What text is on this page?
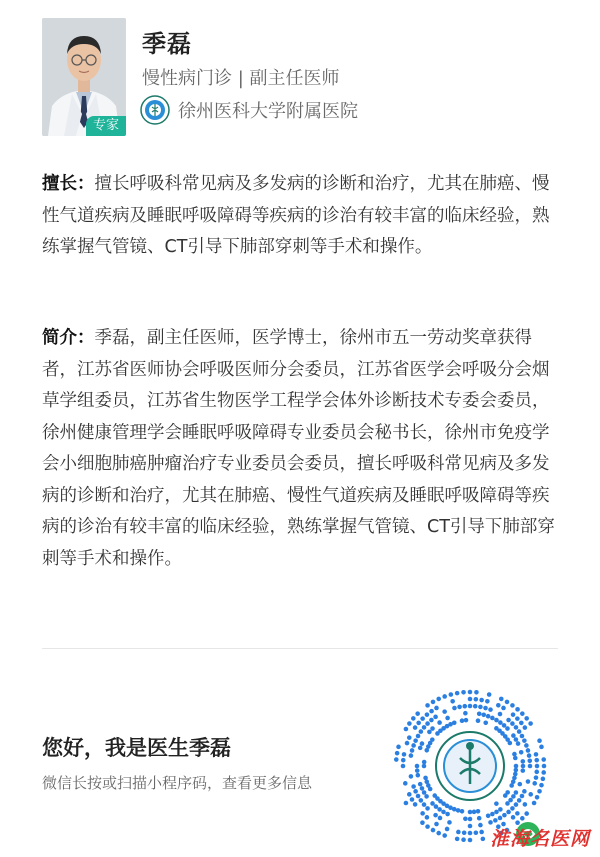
专家
季磊
慢性病门诊 | 副主任医师
徐州医科大学附属医院
擅长：擅长呼吸科常见病及多发病的诊断和治疗，尤其在肺癌、慢性气道疾病及睡眠呼吸障碍等疾病的诊治有较丰富的临床经验，熟练掌握气管镜、CT引导下肺部穿刺等手术和操作。
简介：季磊，副主任医师，医学博士，徐州市五一劳动奖章获得者，江苏省医师协会呼吸医师分会委员，江苏省医学会呼吸分会烟草学组委员，江苏省生物医学工程学会体外诊断技术专委会委员，徐州健康管理学会睡眠呼吸障碍专业委员会秘书长，徐州市免疫学会小细胞肺癌肿瘤治疗专业委员会委员，擅长呼吸科常见病及多发病的诊断和治疗，尤其在肺癌、慢性气道疾病及睡眠呼吸障碍等疾病的诊治有较丰富的临床经验，熟练掌握气管镜、CT引导下肺部穿刺等手术和操作。
您好，我是医生季磊
微信长按或扫描小程序码，查看更多信息
淮海名医网
